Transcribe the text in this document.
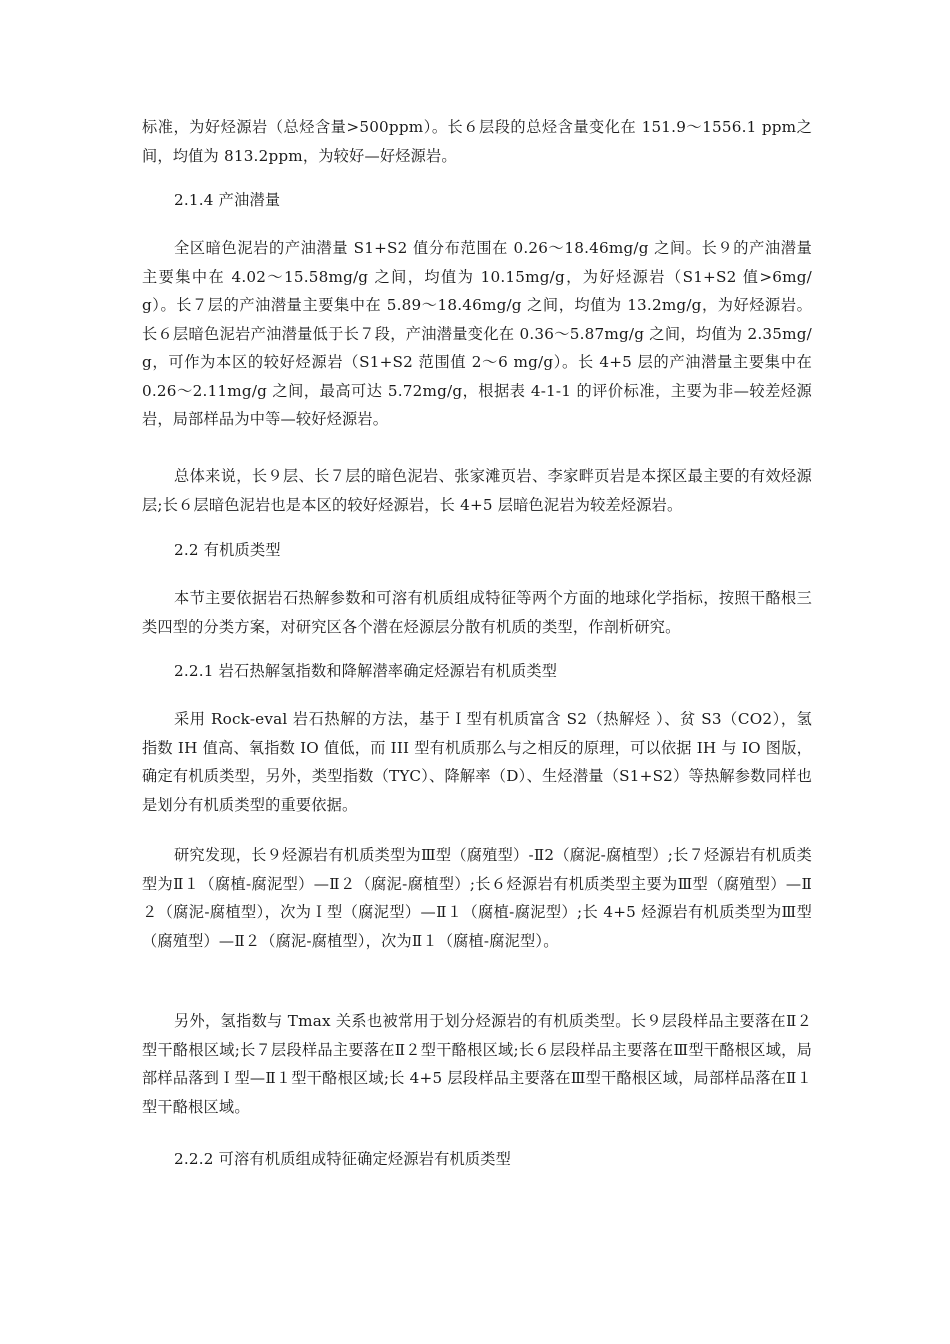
标准，为好烃源岩（总烃含量>500ppm）。长６层段的总烃含量变化在 151.9～1556.1 ppm之间，均值为 813.2ppm，为较好—好烃源岩。

2.1.4 产油潜量

全区暗色泥岩的产油潜量 S1+S2 值分布范围在 0.26～18.46mg/g 之间。长９的产油潜量主要集中在 4.02～15.58mg/g 之间，均值为 10.15mg/g，为好烃源岩（S1+S2 值>6mg/g）。长７层的产油潜量主要集中在 5.89～18.46mg/g 之间，均值为 13.2mg/g，为好烃源岩。长６层暗色泥岩产油潜量低于长７段，产油潜量变化在 0.36～5.87mg/g 之间，均值为 2.35mg/g，可作为本区的较好烃源岩（S1+S2 范围值 2～6 mg/g）。长 4+5 层的产油潜量主要集中在 0.26～2.11mg/g 之间，最高可达 5.72mg/g，根据表 4-1-1 的评价标准，主要为非—较差烃源岩，局部样品为中等—较好烃源岩。

总体来说，长９层、长７层的暗色泥岩、张家滩页岩、李家畔页岩是本探区最主要的有效烃源层;长６层暗色泥岩也是本区的较好烃源岩，长 4+5 层暗色泥岩为较差烃源岩。

2.2 有机质类型

本节主要依据岩石热解参数和可溶有机质组成特征等两个方面的地球化学指标，按照干酪根三类四型的分类方案，对研究区各个潜在烃源层分散有机质的类型，作剖析研究。

2.2.1 岩石热解氢指数和降解潜率确定烃源岩有机质类型

采用 Rock-eval 岩石热解的方法，基于Ｉ型有机质富含 S2（热解烃 ）、贫 S3（CO2），氢指数 IH 值高、氧指数 IO 值低，而 III 型有机质那么与之相反的原理，可以依据 IH 与 IO 图版，确定有机质类型，另外，类型指数（TYC）、降解率（D）、生烃潜量（S1+S2）等热解参数同样也是划分有机质类型的重要依据。

研究发现，长９烃源岩有机质类型为Ⅲ型（腐殖型）-Ⅱ2（腐泥-腐植型）;长７烃源岩有机质类型为Ⅱ１（腐植-腐泥型）—Ⅱ２（腐泥-腐植型）;长６烃源岩有机质类型主要为Ⅲ型（腐殖型）—Ⅱ２（腐泥-腐植型），次为Ｉ型（腐泥型）—Ⅱ１（腐植-腐泥型）;长 4+5 烃源岩有机质类型为Ⅲ型（腐殖型）—Ⅱ２（腐泥-腐植型），次为Ⅱ１（腐植-腐泥型）。

另外，氢指数与 Tmax 关系也被常用于划分烃源岩的有机质类型。长９层段样品主要落在Ⅱ２型干酪根区域;长７层段样品主要落在Ⅱ２型干酪根区域;长６层段样品主要落在Ⅲ型干酪根区域，局部样品落到Ｉ型—Ⅱ１型干酪根区域;长 4+5 层段样品主要落在Ⅲ型干酪根区域，局部样品落在Ⅱ１型干酪根区域。

2.2.2 可溶有机质组成特征确定烃源岩有机质类型
